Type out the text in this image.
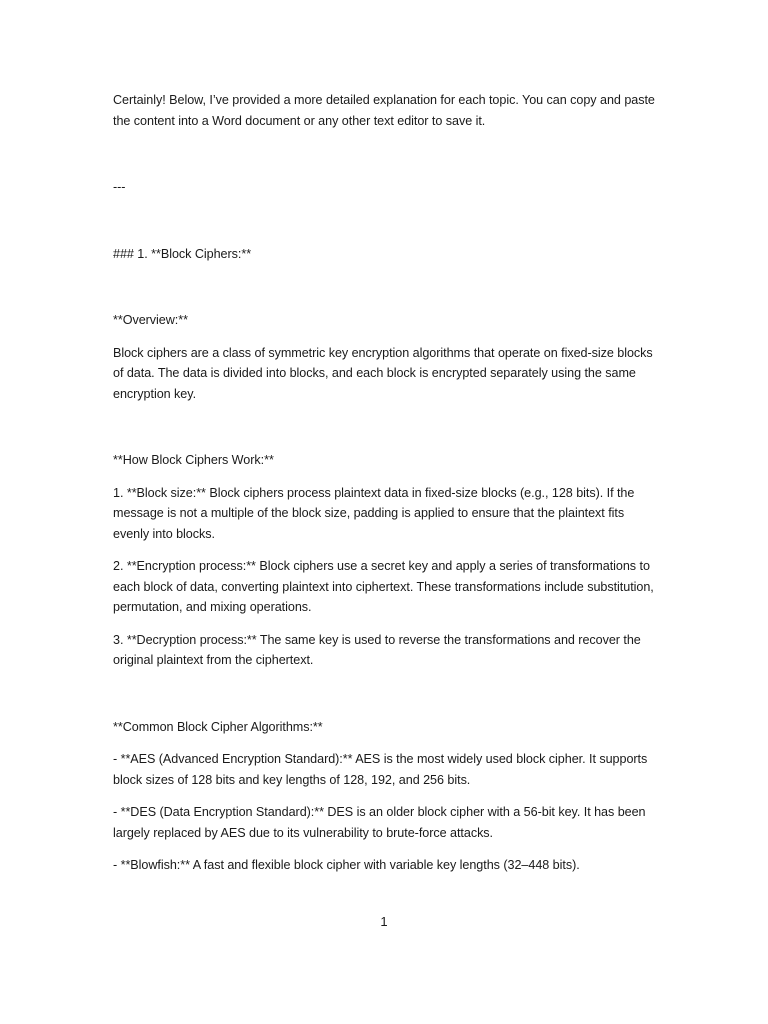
Certainly! Below, I’ve provided a more detailed explanation for each topic. You can copy and paste the content into a Word document or any other text editor to save it.

---

### 1. **Block Ciphers:**

**Overview:**

Block ciphers are a class of symmetric key encryption algorithms that operate on fixed-size blocks of data. The data is divided into blocks, and each block is encrypted separately using the same encryption key.

**How Block Ciphers Work:**

1. **Block size:** Block ciphers process plaintext data in fixed-size blocks (e.g., 128 bits). If the message is not a multiple of the block size, padding is applied to ensure that the plaintext fits evenly into blocks.

2. **Encryption process:** Block ciphers use a secret key and apply a series of transformations to each block of data, converting plaintext into ciphertext. These transformations include substitution, permutation, and mixing operations.

3. **Decryption process:** The same key is used to reverse the transformations and recover the original plaintext from the ciphertext.

**Common Block Cipher Algorithms:**

- **AES (Advanced Encryption Standard):** AES is the most widely used block cipher. It supports block sizes of 128 bits and key lengths of 128, 192, and 256 bits.

- **DES (Data Encryption Standard):** DES is an older block cipher with a 56-bit key. It has been largely replaced by AES due to its vulnerability to brute-force attacks.

- **Blowfish:** A fast and flexible block cipher with variable key lengths (32–448 bits).

1
